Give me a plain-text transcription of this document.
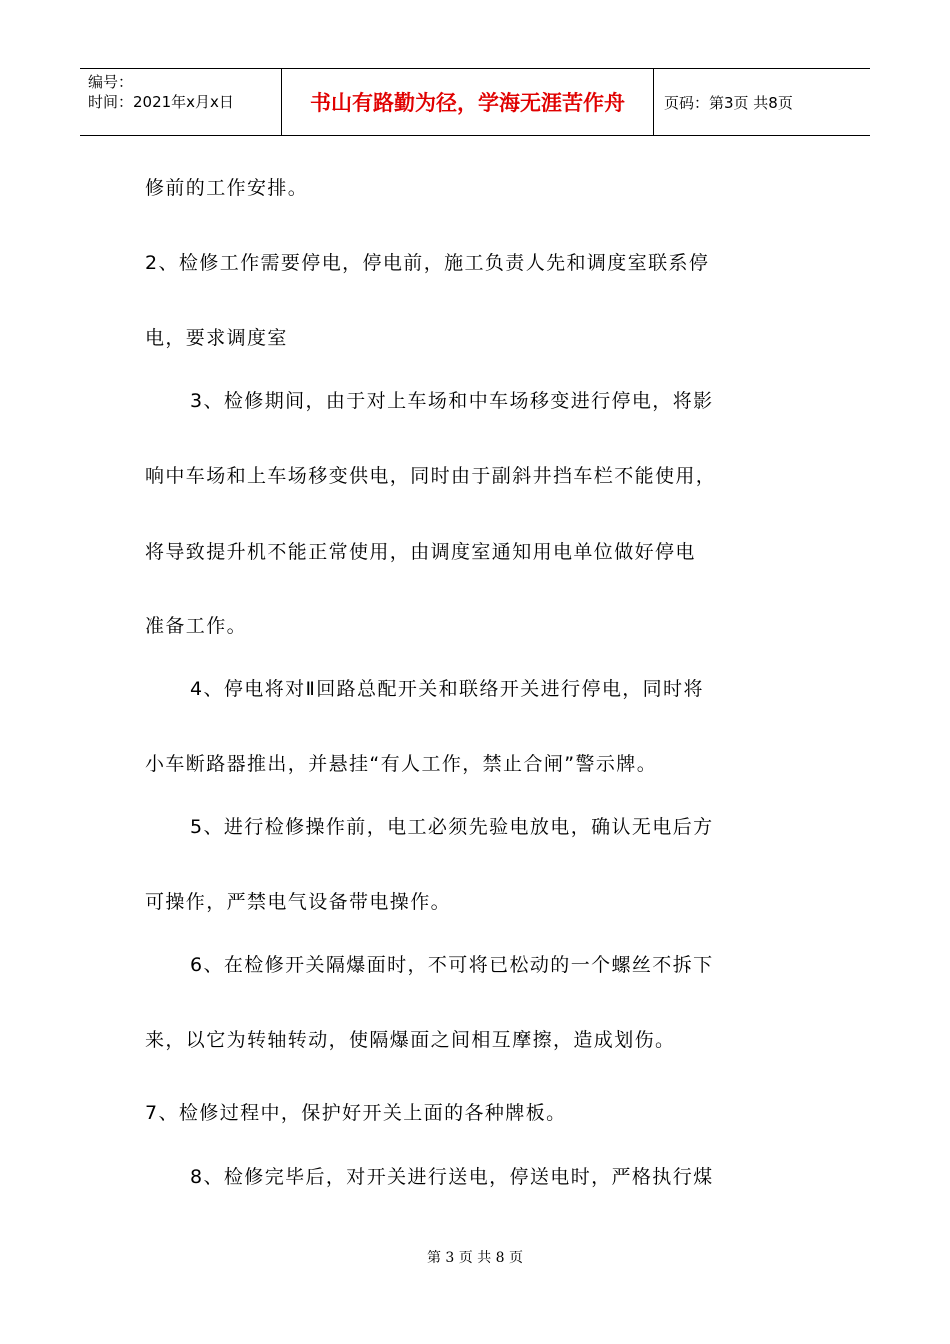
编号：
时间：2021年x月x日	书山有路勤为径，学海无涯苦作舟	页码：第3页 共8页
修前的工作安排。
2、检修工作需要停电，停电前，施工负责人先和调度室联系停
电，要求调度室
3、检修期间，由于对上车场和中车场移变进行停电，将影
响中车场和上车场移变供电，同时由于副斜井挡车栏不能使用，
将导致提升机不能正常使用，由调度室通知用电单位做好停电
准备工作。
4、停电将对Ⅱ回路总配开关和联络开关进行停电，同时将
小车断路器推出，并悬挂“有人工作，禁止合闸”警示牌。
5、进行检修操作前，电工必须先验电放电，确认无电后方
可操作，严禁电气设备带电操作。
6、在检修开关隔爆面时，不可将已松动的一个螺丝不拆下
来，以它为转轴转动，使隔爆面之间相互摩擦，造成划伤。
7、检修过程中，保护好开关上面的各种牌板。
8、检修完毕后，对开关进行送电，停送电时，严格执行煤
第 3 页 共 8 页
